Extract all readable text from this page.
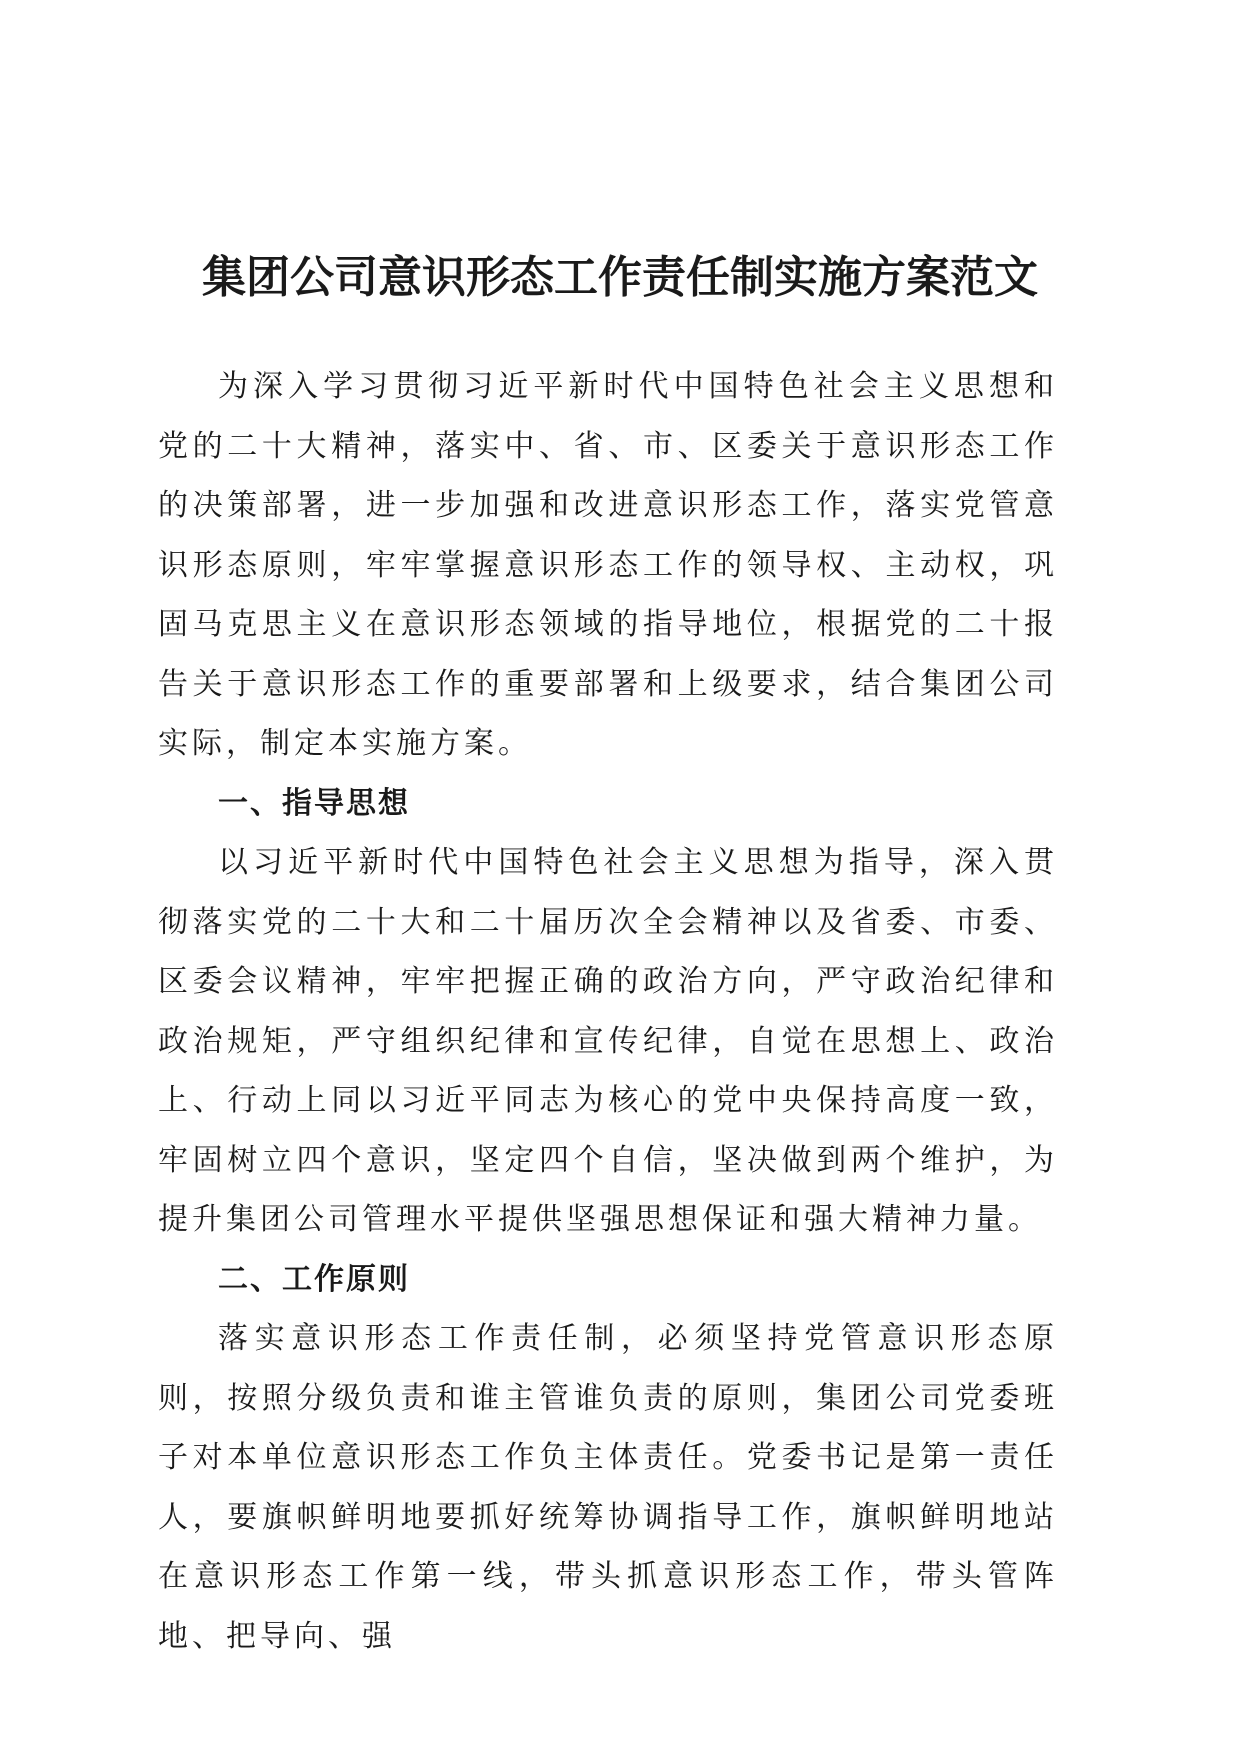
集团公司意识形态工作责任制实施方案范文

为深入学习贯彻习近平新时代中国特色社会主义思想和党的二十大精神，落实中、省、市、区委关于意识形态工作的决策部署，进一步加强和改进意识形态工作，落实党管意识形态原则，牢牢掌握意识形态工作的领导权、主动权，巩固马克思主义在意识形态领域的指导地位，根据党的二十报告关于意识形态工作的重要部署和上级要求，结合集团公司实际，制定本实施方案。

一、指导思想

以习近平新时代中国特色社会主义思想为指导，深入贯彻落实党的二十大和二十届历次全会精神以及省委、市委、区委会议精神，牢牢把握正确的政治方向，严守政治纪律和政治规矩，严守组织纪律和宣传纪律，自觉在思想上、政治上、行动上同以习近平同志为核心的党中央保持高度一致，牢固树立四个意识，坚定四个自信，坚决做到两个维护，为提升集团公司管理水平提供坚强思想保证和强大精神力量。

二、工作原则

落实意识形态工作责任制，必须坚持党管意识形态原则，按照分级负责和谁主管谁负责的原则，集团公司党委班子对本单位意识形态工作负主体责任。党委书记是第一责任人，要旗帜鲜明地要抓好统筹协调指导工作，旗帜鲜明地站在意识形态工作第一线，带头抓意识形态工作，带头管阵地、把导向、强
